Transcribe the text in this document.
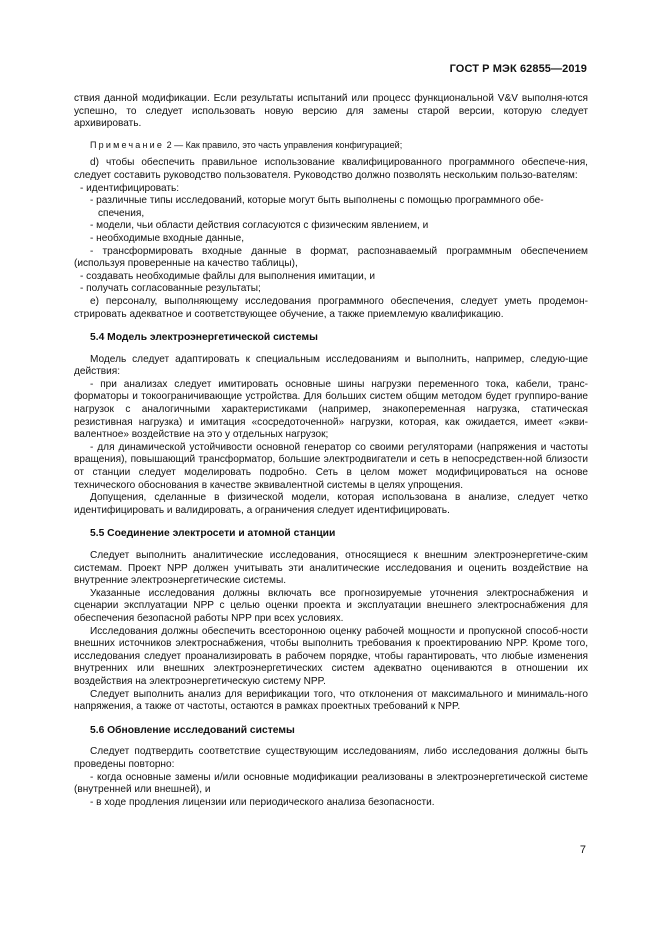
ГОСТ Р МЭК 62855—2019

ствия данной модификации. Если результаты испытаний или процесс функциональной V&V выполня-ются успешно, то следует использовать новую версию для замены старой версии, которую следует архивировать.

Примечание 2 — Как правило, это часть управления конфигурацией;

d) чтобы обеспечить правильное использование квалифицированного программного обеспече-ния, следует составить руководство пользователя. Руководство должно позволять нескольким пользо-вателям:

- идентифицировать:

- различные типы исследований, которые могут быть выполнены с помощью программного обе-

спечения,

- модели, чьи области действия согласуются с физическим явлением, и

- необходимые входные данные,

- трансформировать входные данные в формат, распознаваемый программным обеспечением (используя проверенные на качество таблицы),

- создавать необходимые файлы для выполнения имитации, и

- получать согласованные результаты;

e) персоналу, выполняющему исследования программного обеспечения, следует уметь продемон-стрировать адекватное и соответствующее обучение, а также приемлемую квалификацию.

5.4 Модель электроэнергетической системы

Модель следует адаптировать к специальным исследованиям и выполнить, например, следую-щие действия:

- при анализах следует имитировать основные шины нагрузки переменного тока, кабели, транс-форматоры и токоограничивающие устройства. Для больших систем общим методом будет группиро-вание нагрузок с аналогичными характеристиками (например, знакопеременная нагрузка, статическая резистивная нагрузка) и имитация «сосредоточенной» нагрузки, которая, как ожидается, имеет «экви-валентное» воздействие на это у отдельных нагрузок;

- для динамической устойчивости основной генератор со своими регуляторами (напряжения и частоты вращения), повышающий трансформатор, большие электродвигатели и сеть в непосредствен-ной близости от станции следует моделировать подробно. Сеть в целом может модифицироваться на основе технического обоснования в качестве эквивалентной системы в целях упрощения.

Допущения, сделанные в физической модели, которая использована в анализе, следует четко идентифицировать и валидировать, а ограничения следует идентифицировать.

5.5 Соединение электросети и атомной станции

Следует выполнить аналитические исследования, относящиеся к внешним электроэнергетиче-ским системам. Проект NPP должен учитывать эти аналитические исследования и оценить воздействие на внутренние электроэнергетические системы.

Указанные исследования должны включать все прогнозируемые уточнения электроснабжения и сценарии эксплуатации NPP с целью оценки проекта и эксплуатации внешнего электроснабжения для обеспечения безопасной работы NPP при всех условиях.

Исследования должны обеспечить всесторонною оценку рабочей мощности и пропускной способ-ности внешних источников электроснабжения, чтобы выполнить требования к проектированию NPP. Кроме того, исследования следует проанализировать в рабочем порядке, чтобы гарантировать, что любые изменения внутренних или внешних электроэнергетических систем адекватно оцениваются в отношении их воздействия на электроэнергетическую систему NPP.

Следует выполнить анализ для верификации того, что отклонения от максимального и минималь-ного напряжения, а также от частоты, остаются в рамках проектных требований к NPP.

5.6 Обновление исследований системы

Следует подтвердить соответствие существующим исследованиям, либо исследования должны быть проведены повторно:

- когда основные замены и/или основные модификации реализованы в электроэнергетической системе (внутренней или внешней), и

- в ходе продления лицензии или периодического анализа безопасности.

7
